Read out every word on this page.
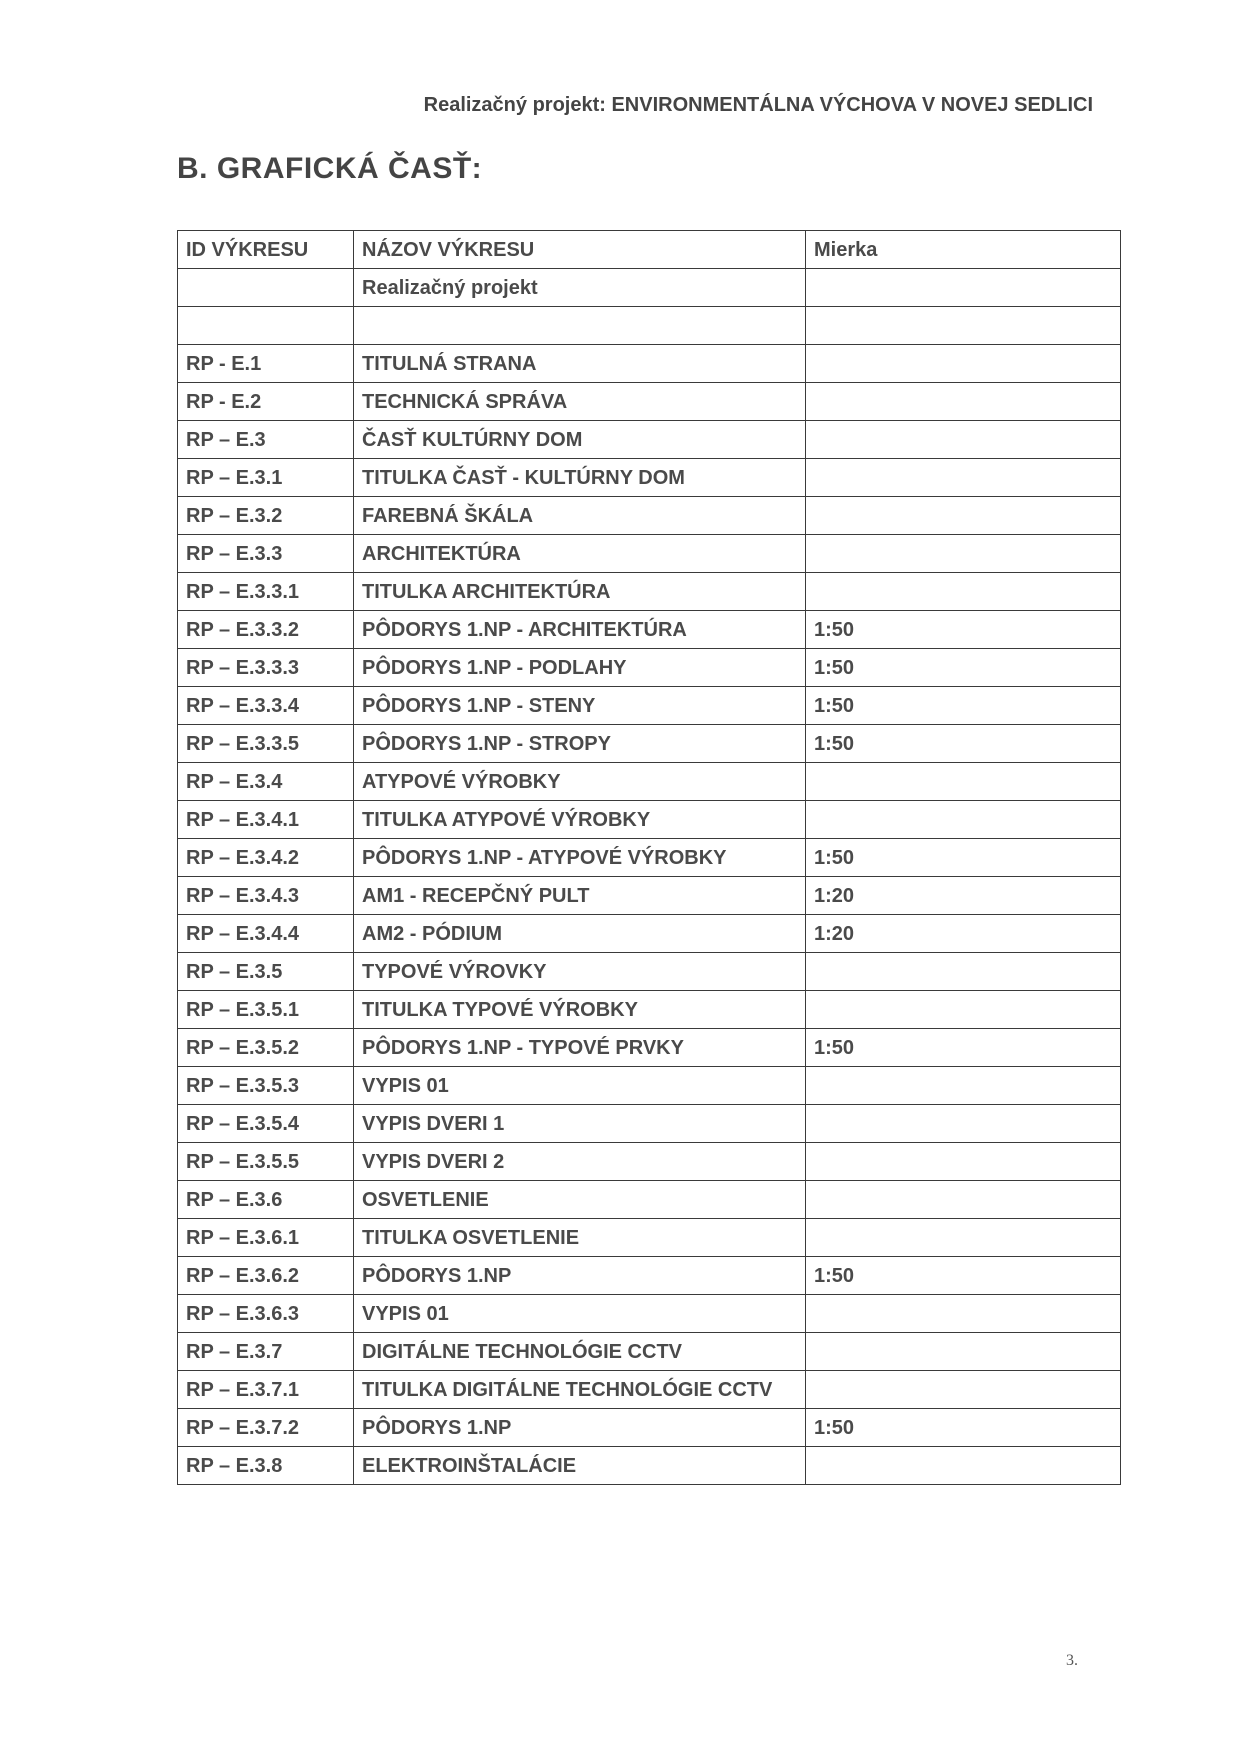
Realizačný projekt: ENVIRONMENTÁLNA VÝCHOVA V NOVEJ SEDLICI
B. GRAFICKÁ ČASŤ:
ID VÝKRESU	NÁZOV VÝKRESU	Mierka
	Realizačný projekt	

RP - E.1	TITULNÁ STRANA	
RP - E.2	TECHNICKÁ SPRÁVA	
RP – E.3	ČASŤ KULTÚRNY DOM	
RP – E.3.1	TITULKA ČASŤ - KULTÚRNY DOM	
RP – E.3.2	FAREBNÁ ŠKÁLA	
RP – E.3.3	ARCHITEKTÚRA	
RP – E.3.3.1	TITULKA ARCHITEKTÚRA	
RP – E.3.3.2	PÔDORYS 1.NP - ARCHITEKTÚRA	1:50
RP – E.3.3.3	PÔDORYS 1.NP - PODLAHY	1:50
RP – E.3.3.4	PÔDORYS 1.NP - STENY	1:50
RP – E.3.3.5	PÔDORYS 1.NP - STROPY	1:50
RP – E.3.4	ATYPOVÉ VÝROBKY	
RP – E.3.4.1	TITULKA ATYPOVÉ VÝROBKY	
RP – E.3.4.2	PÔDORYS 1.NP - ATYPOVÉ VÝROBKY	1:50
RP – E.3.4.3	AM1 - RECEPČNÝ PULT	1:20
RP – E.3.4.4	AM2 - PÓDIUM	1:20
RP – E.3.5	TYPOVÉ VÝROVKY	
RP – E.3.5.1	TITULKA TYPOVÉ VÝROBKY	
RP – E.3.5.2	PÔDORYS 1.NP - TYPOVÉ PRVKY	1:50
RP – E.3.5.3	VYPIS 01	
RP – E.3.5.4	VYPIS DVERI 1	
RP – E.3.5.5	VYPIS DVERI 2	
RP – E.3.6	OSVETLENIE	
RP – E.3.6.1	TITULKA OSVETLENIE	
RP – E.3.6.2	PÔDORYS 1.NP	1:50
RP – E.3.6.3	VYPIS 01	
RP – E.3.7	DIGITÁLNE TECHNOLÓGIE CCTV	
RP – E.3.7.1	TITULKA DIGITÁLNE TECHNOLÓGIE CCTV	
RP – E.3.7.2	PÔDORYS 1.NP	1:50
RP – E.3.8	ELEKTROINŠTALÁCIE	
3.
